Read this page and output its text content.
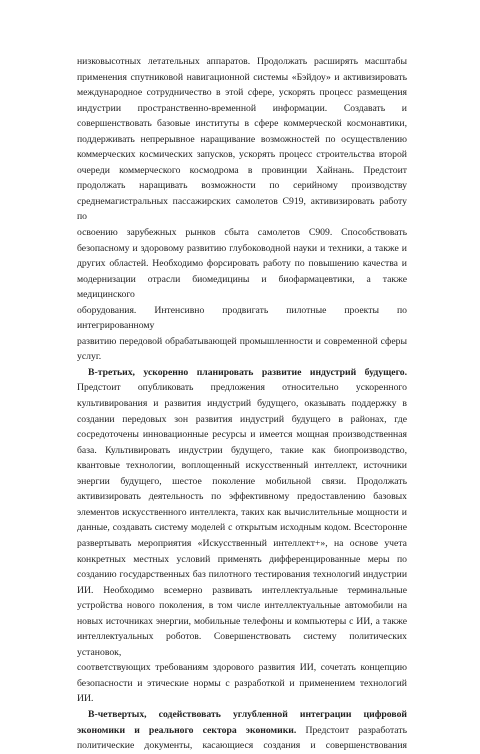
низковысотных летательных аппаратов. Продолжать расширять масштабы

применения спутниковой навигационной системы «Бэйдоу» и активизировать

международное сотрудничество в этой сфере, ускорять процесс размещения

индустрии пространственно-временной информации. Создавать и

совершенствовать базовые институты в сфере коммерческой космонавтики,

поддерживать непрерывное наращивание возможностей по осуществлению

коммерческих космических запусков, ускорять процесс строительства второй

очереди коммерческого космодрома в провинции Хайнань. Предстоит

продолжать наращивать возможности по серийному производству

среднемагистральных пассажирских самолетов С919, активизировать работу по

освоению зарубежных рынков сбыта самолетов С909. Способствовать

безопасному и здоровому развитию глубоководной науки и техники, а также и

других областей. Необходимо форсировать работу по повышению качества и

модернизации отрасли биомедицины и биофармацевтики, а также медицинского

оборудования. Интенсивно продвигать пилотные проекты по интегрированному

развитию передовой обрабатывающей промышленности и современной сферы

услуг.

В-третьих, ускоренно планировать развитие индустрий будущего.

Предстоит опубликовать предложения относительно ускоренного

культивирования и развития индустрий будущего, оказывать поддержку в

создании передовых зон развития индустрий будущего в районах, где

сосредоточены инновационные ресурсы и имеется мощная производственная

база. Культивировать индустрии будущего, такие как биопроизводство,

квантовые технологии, воплощенный искусственный интеллект, источники

энергии будущего, шестое поколение мобильной связи. Продолжать

активизировать деятельность по эффективному предоставлению базовых

элементов искусственного интеллекта, таких как вычислительные мощности и

данные, создавать систему моделей с открытым исходным кодом. Всесторонне

развертывать мероприятия «Искусственный интеллект+», на основе учета

конкретных местных условий применять дифференцированные меры по

созданию государственных баз пилотного тестирования технологий индустрии

ИИ. Необходимо всемерно развивать интеллектуальные терминальные

устройства нового поколения, в том числе интеллектуальные автомобили на

новых источниках энергии, мобильные телефоны и компьютеры с ИИ, а также

интеллектуальных роботов. Совершенствовать систему политических установок,

соответствующих требованиям здорового развития ИИ, сочетать концепцию

безопасности и этические нормы с разработкой и применением технологий ИИ.

В-четвертых, содействовать углубленной интеграции цифровой

экономики и реального сектора экономики. Предстоит разработать

политические документы, касающиеся создания и совершенствования
